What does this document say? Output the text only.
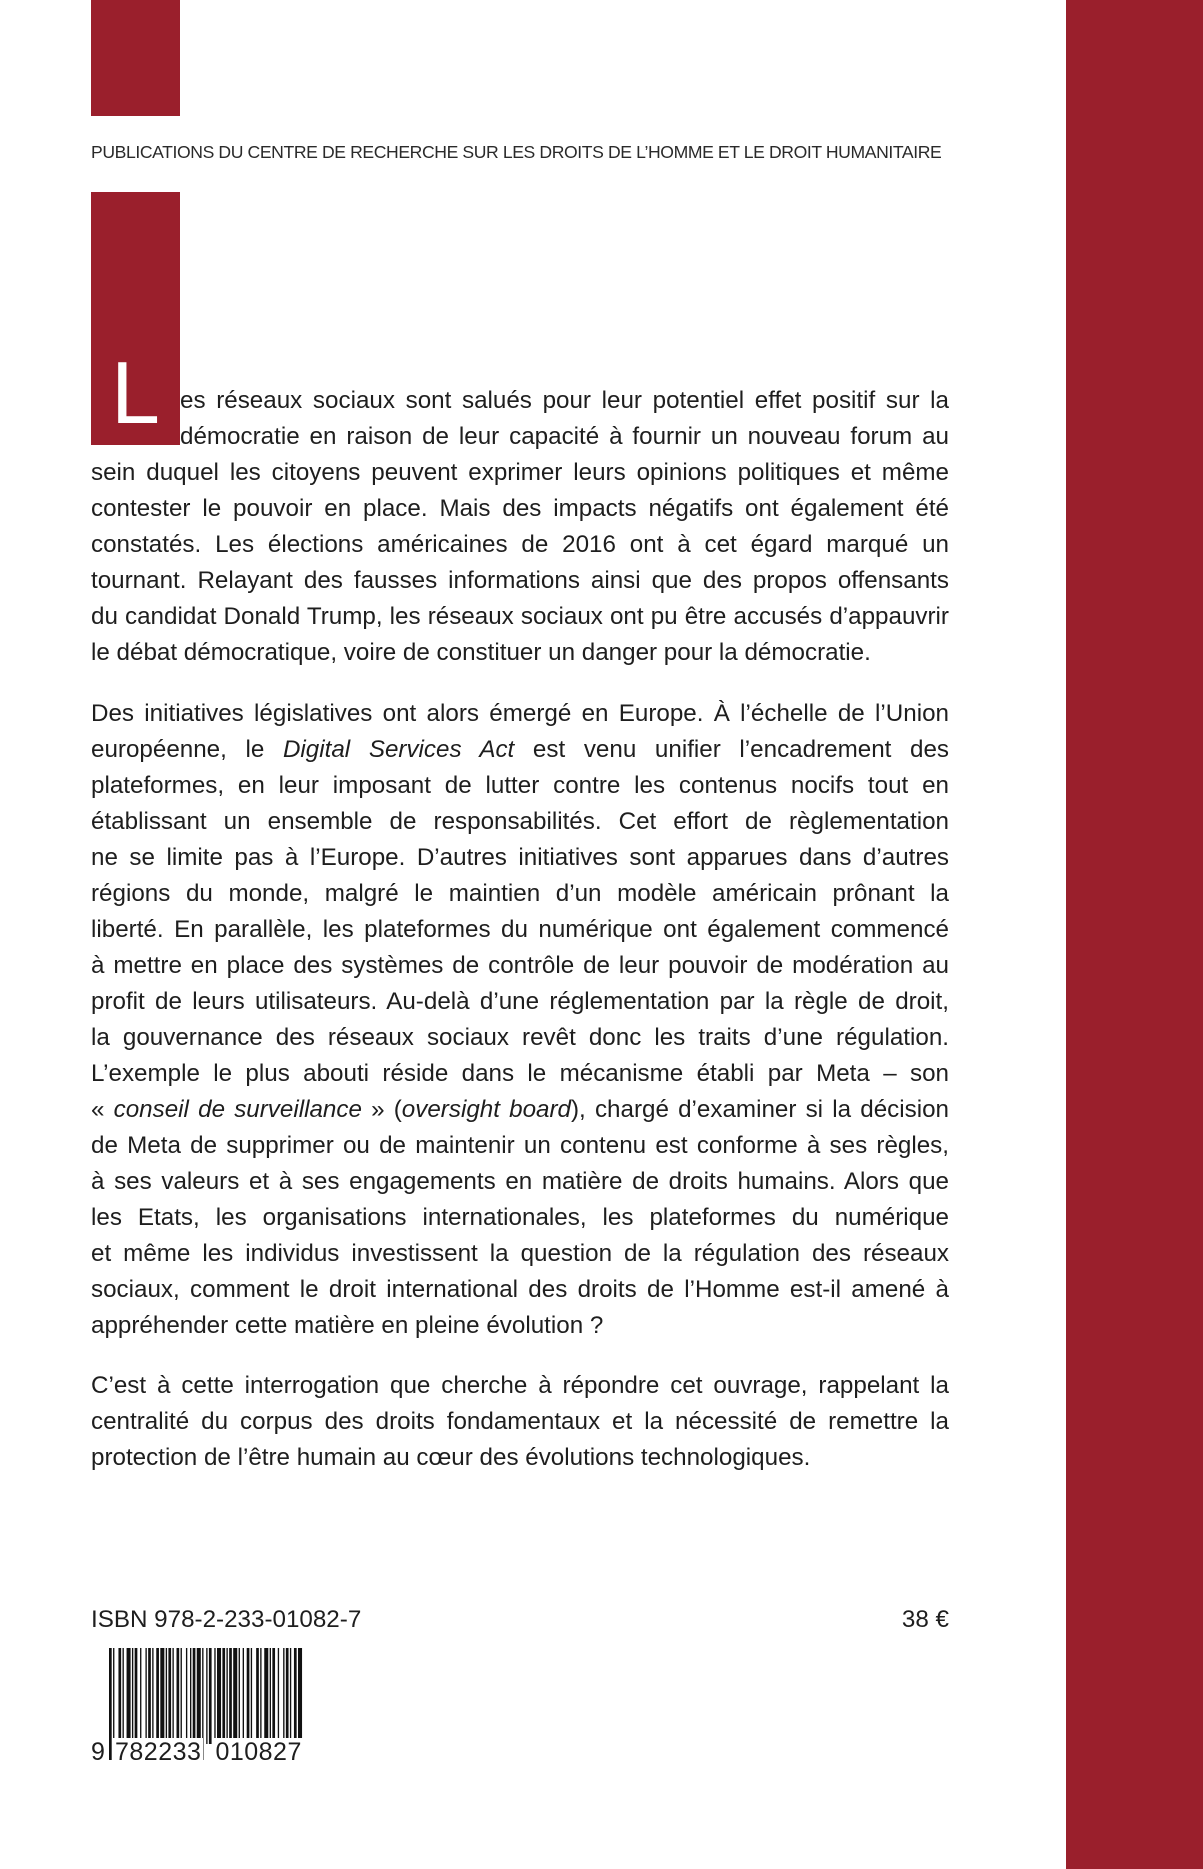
PUBLICATIONS DU CENTRE DE RECHERCHE SUR LES DROITS DE L’HOMME ET LE DROIT HUMANITAIRE
L es réseaux sociaux sont salués pour leur potentiel effet positif sur la
démocratie en raison de leur capacité à fournir un nouveau forum au
sein duquel les citoyens peuvent exprimer leurs opinions politiques et même
contester le pouvoir en place. Mais des impacts négatifs ont également été
constatés. Les élections américaines de 2016 ont à cet égard marqué un
tournant. Relayant des fausses informations ainsi que des propos offensants
du candidat Donald Trump, les réseaux sociaux ont pu être accusés d’appauvrir
le débat démocratique, voire de constituer un danger pour la démocratie.
Des initiatives législatives ont alors émergé en Europe. À l’échelle de l’Union
européenne, le Digital Services Act est venu unifier l’encadrement des
plateformes, en leur imposant de lutter contre les contenus nocifs tout en
établissant un ensemble de responsabilités. Cet effort de règlementation
ne se limite pas à l’Europe. D’autres initiatives sont apparues dans d’autres
régions du monde, malgré le maintien d’un modèle américain prônant la
liberté. En parallèle, les plateformes du numérique ont également commencé
à mettre en place des systèmes de contrôle de leur pouvoir de modération au
profit de leurs utilisateurs. Au-delà d’une réglementation par la règle de droit,
la gouvernance des réseaux sociaux revêt donc les traits d’une régulation.
L’exemple le plus abouti réside dans le mécanisme établi par Meta – son
« conseil de surveillance » (oversight board), chargé d’examiner si la décision
de Meta de supprimer ou de maintenir un contenu est conforme à ses règles,
à ses valeurs et à ses engagements en matière de droits humains. Alors que
les Etats, les organisations internationales, les plateformes du numérique
et même les individus investissent la question de la régulation des réseaux
sociaux, comment le droit international des droits de l’Homme est-il amené à
appréhender cette matière en pleine évolution ?
C’est à cette interrogation que cherche à répondre cet ouvrage, rappelant la
centralité du corpus des droits fondamentaux et la nécessité de remettre la
protection de l’être humain au cœur des évolutions technologiques.
ISBN 978-2-233-01082-7	38 €
9 782233 010827
